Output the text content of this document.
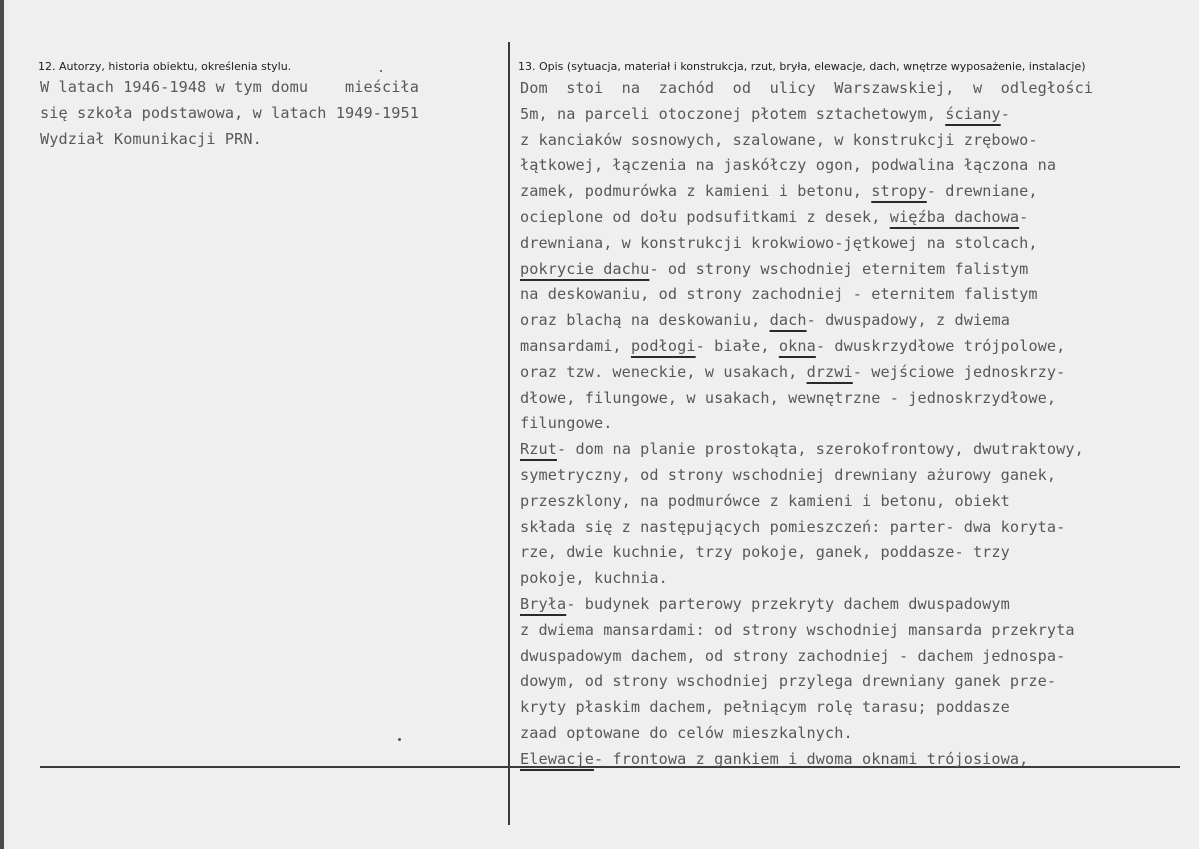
12. Autorzy, historia obiektu, określenia stylu.	13. Opis (sytuacja, materiał i konstrukcja, rzut, bryła, elewacje, dach, wnętrze wyposażenie, instalacje)
W latach 1946-1948 w tym domu    mieściła
się szkoła podstawowa, w latach 1949-1951
Wydział Komunikacji PRN.
Dom  stoi  na  zachód  od  ulicy  Warszawskiej,  w  odległości
5m, na parceli otoczonej płotem sztachetowym, ściany-
z kanciaków sosnowych, szalowane, w konstrukcji zrębowo-
łątkowej, łączenia na jaskółczy ogon, podwalina łączona na
zamek, podmurówka z kamieni i betonu, stropy- drewniane,
ocieplone od dołu podsufitkami z desek, więźba dachowa-
drewniana, w konstrukcji krokwiowo-jętkowej na stolcach,
pokrycie dachu- od strony wschodniej eternitem falistym
na deskowaniu, od strony zachodniej - eternitem falistym
oraz blachą na deskowaniu, dach- dwuspadowy, z dwiema
mansardami, podłogi- białe, okna- dwuskrzydłowe trójpolowe,
oraz tzw. weneckie, w usakach, drzwi- wejściowe jednoskrzy-
dłowe, filungowe, w usakach, wewnętrzne - jednoskrzydłowe,
filungowe.
Rzut- dom na planie prostokąta, szerokofrontowy, dwutraktowy,
symetryczny, od strony wschodniej drewniany ażurowy ganek,
przeszklony, na podmurówce z kamieni i betonu, obiekt
składa się z następujących pomieszczeń: parter- dwa koryta-
rze, dwie kuchnie, trzy pokoje, ganek, poddasze- trzy
pokoje, kuchnia.
Bryła- budynek parterowy przekryty dachem dwuspadowym
z dwiema mansardami: od strony wschodniej mansarda przekryta
dwuspadowym dachem, od strony zachodniej - dachem jednospa-
dowym, od strony wschodniej przylega drewniany ganek prze-
kryty płaskim dachem, pełniącym rolę tarasu; poddasze
zaad optowane do celów mieszkalnych.
Elewacje- frontowa z gankiem i dwoma oknami trójosiowa,
